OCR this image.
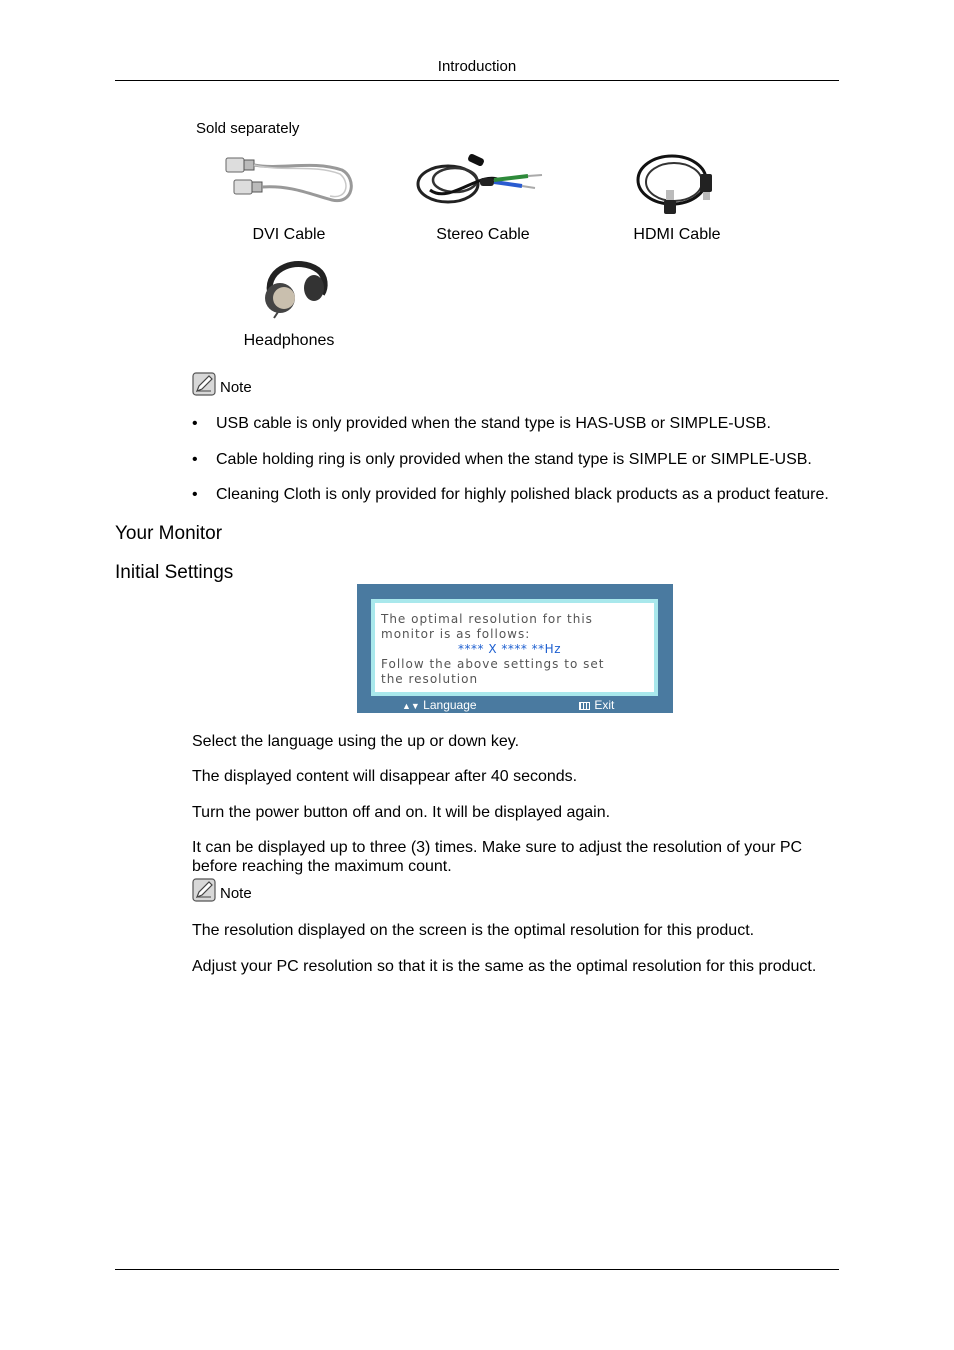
Introduction
Sold separately
DVI Cable	Stereo Cable	HDMI Cable
Headphones
Note
• USB cable is only provided when the stand type is HAS-USB or SIMPLE-USB.
• Cable holding ring is only provided when the stand type is SIMPLE or SIMPLE-USB.
• Cleaning Cloth is only provided for highly polished black products as a product feature.
Your Monitor
Initial Settings
The optimal resolution for this
monitor is as follows:
**** X **** **Hz
Follow the above settings to set
the resolution
▲▼ Language	Exit
Select the language using the up or down key.
The displayed content will disappear after 40 seconds.
Turn the power button off and on. It will be displayed again.
It can be displayed up to three (3) times. Make sure to adjust the resolution of your PC before reaching the maximum count.
Note
The resolution displayed on the screen is the optimal resolution for this product.
Adjust your PC resolution so that it is the same as the optimal resolution for this product.
